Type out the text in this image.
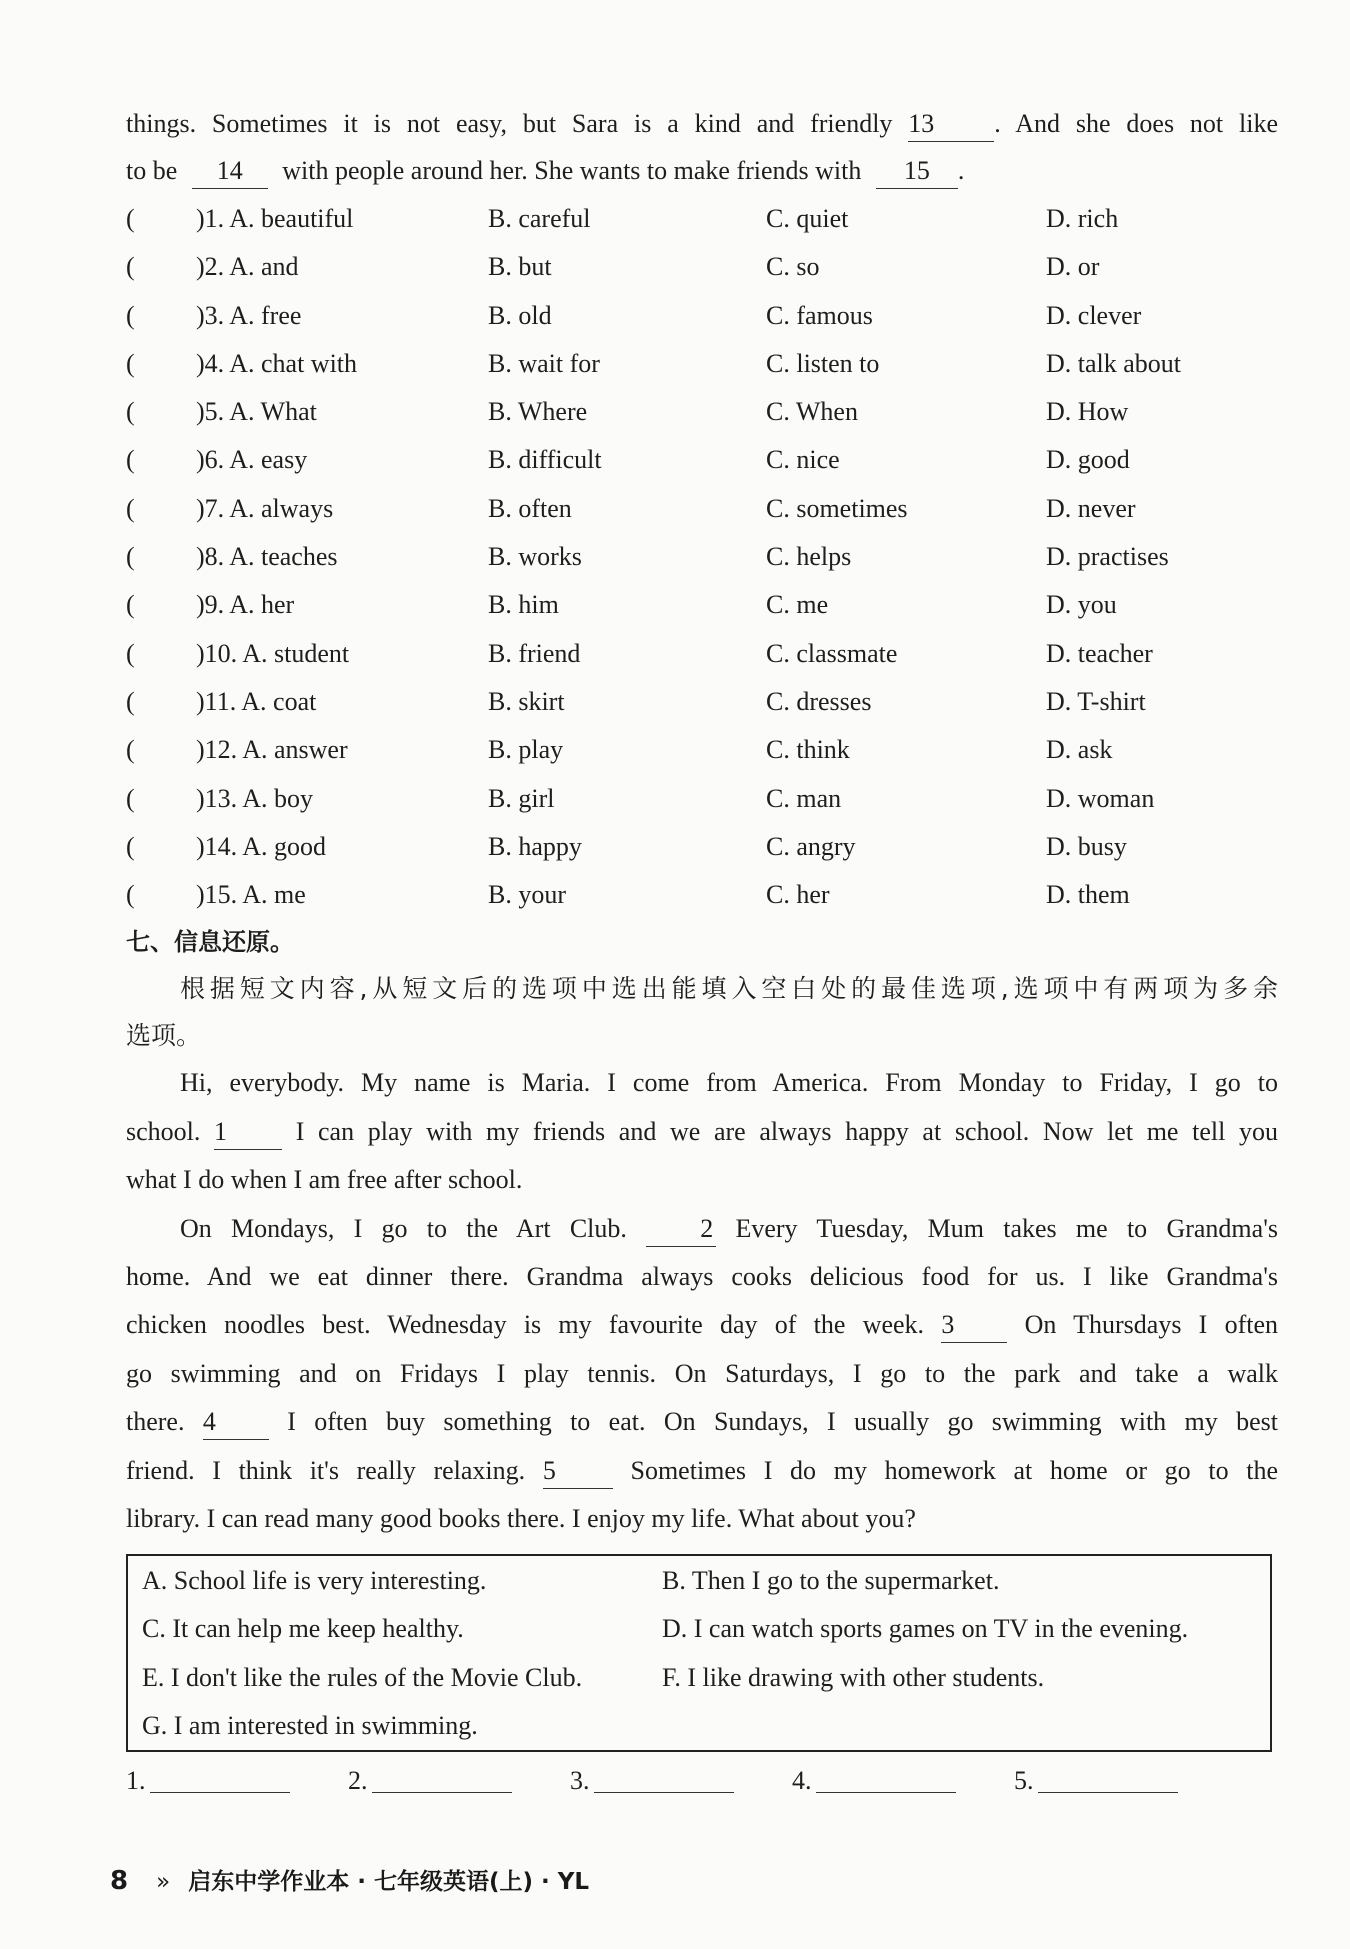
things. Sometimes it is not easy, but Sara is a kind and friendly 13 . And she does not like
to be 14 with people around her. She wants to make friends with 15 .
( )1. A. beautiful	B. careful	C. quiet	D. rich
( )2. A. and	B. but	C. so	D. or
( )3. A. free	B. old	C. famous	D. clever
( )4. A. chat with	B. wait for	C. listen to	D. talk about
( )5. A. What	B. Where	C. When	D. How
( )6. A. easy	B. difficult	C. nice	D. good
( )7. A. always	B. often	C. sometimes	D. never
( )8. A. teaches	B. works	C. helps	D. practises
( )9. A. her	B. him	C. me	D. you
( )10. A. student	B. friend	C. classmate	D. teacher
( )11. A. coat	B. skirt	C. dresses	D. T-shirt
( )12. A. answer	B. play	C. think	D. ask
( )13. A. boy	B. girl	C. man	D. woman
( )14. A. good	B. happy	C. angry	D. busy
( )15. A. me	B. your	C. her	D. them
七、信息还原。
根据短文内容,从短文后的选项中选出能填入空白处的最佳选项,选项中有两项为多余
选项。
Hi, everybody. My name is Maria. I come from America. From Monday to Friday, I go to
school. 1	I can play with my friends and we are always happy at school. Now let me tell you
what I do when I am free after school.
On Mondays, I go to the Art Club.	2 Every Tuesday, Mum takes me to Grandma's
home. And we eat dinner there. Grandma always cooks delicious food for us. I like Grandma's
chicken noodles best. Wednesday is my favourite day of the week. 3	On Thursdays I often
go swimming and on Fridays I play tennis. On Saturdays, I go to the park and take a walk
there. 4	I often buy something to eat. On Sundays, I usually go swimming with my best
friend. I think it's really relaxing. 5	Sometimes I do my homework at home or go to the
library. I can read many good books there. I enjoy my life. What about you?
A. School life is very interesting.	B. Then I go to the supermarket.
C. It can help me keep healthy.	D. I can watch sports games on TV in the evening.
E. I don't like the rules of the Movie Club.	F. I like drawing with other students.
G. I am interested in swimming.
1.	2.	3.	4.	5.
8 » 启东中学作业本 · 七年级英语(上) · YL
